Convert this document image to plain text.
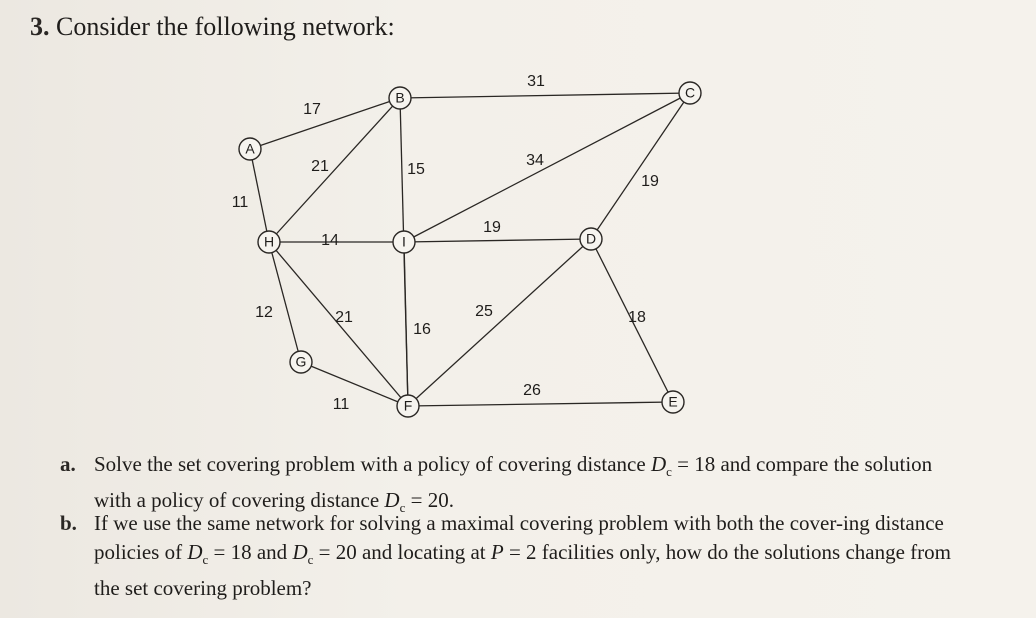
3. Consider the following network:
17
31
11
21	15
34
19
14
19
12	21
16
25	18
11
26
A
B	C
H	I	D
G
F	E
a. Solve the set covering problem with a policy of covering distance $D_c = 18$ and compare the solution with a policy of covering distance $D_c = 20$.
b. If we use the same network for solving a maximal covering problem with both the cover-ing distance policies of $D_c = 18$ and $D_c = 20$ and locating at P = 2 facilities only, how do the solutions change from the set covering problem?
